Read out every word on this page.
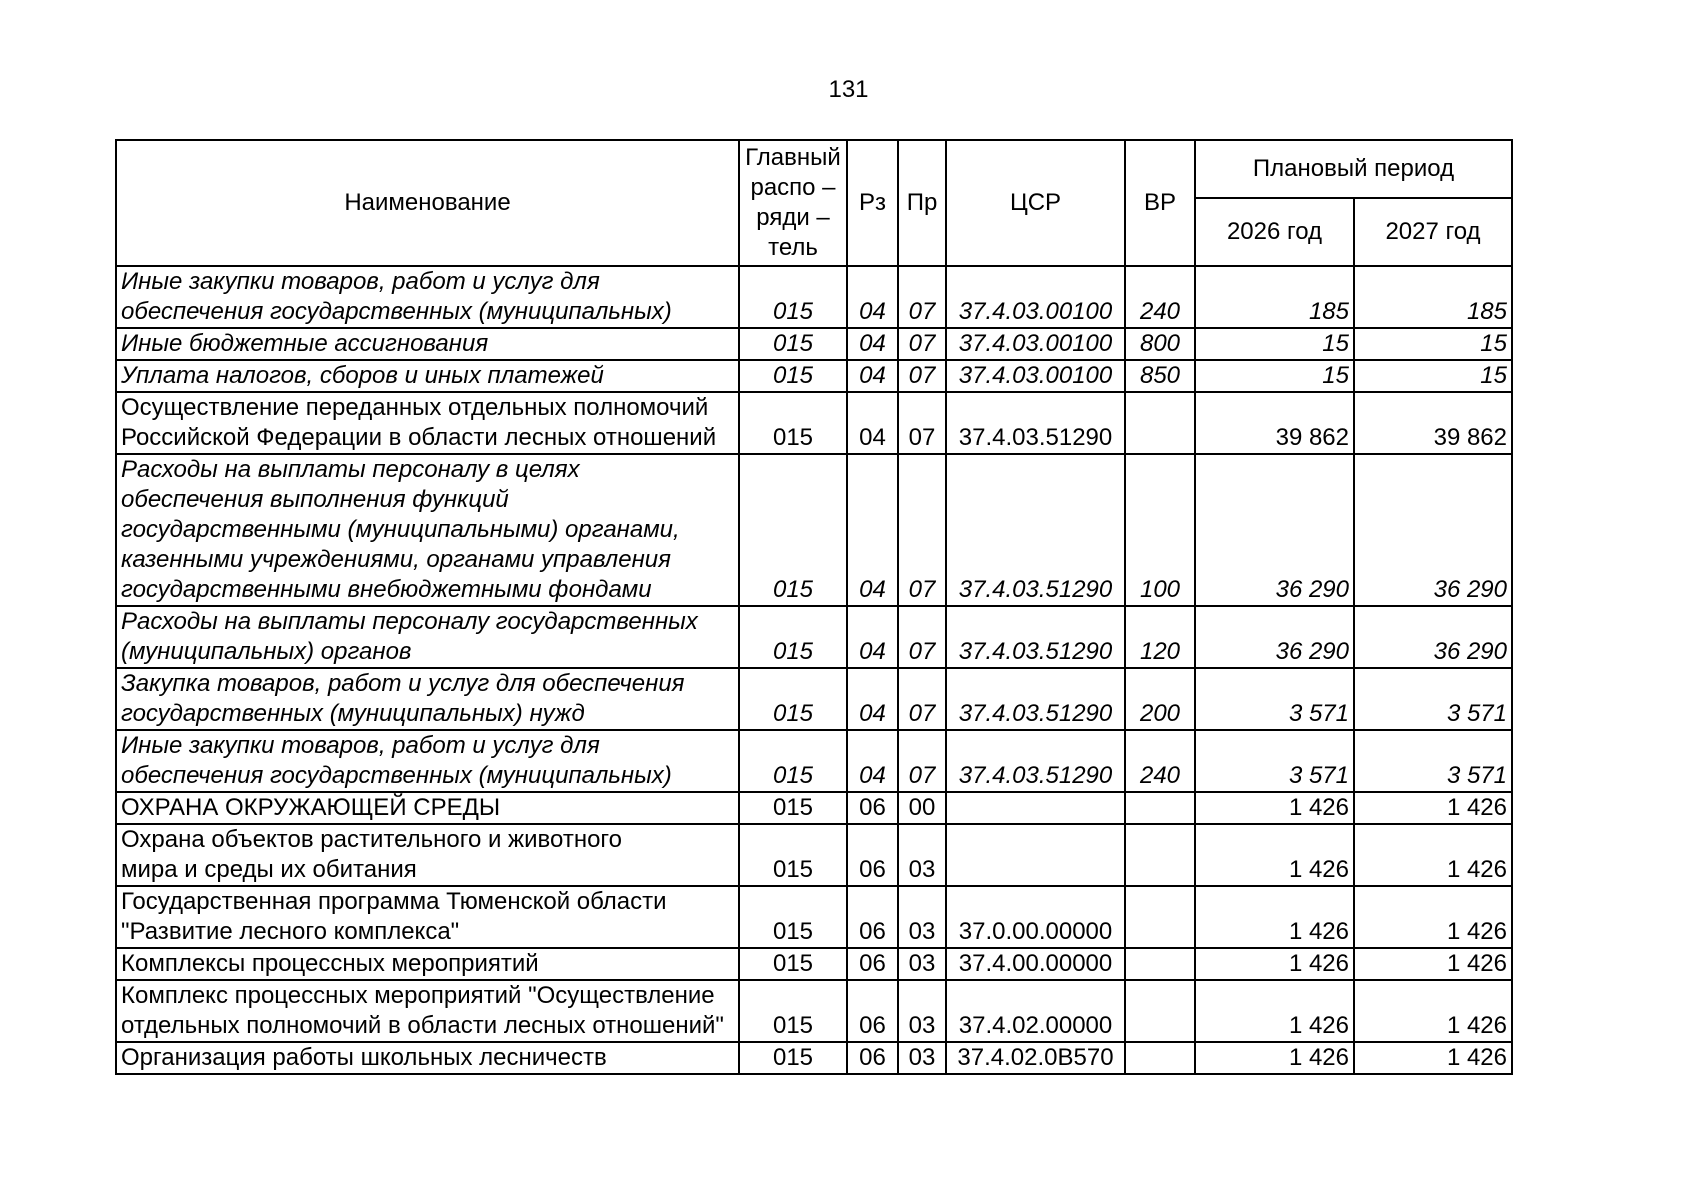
131
Наименование	Главный
распо –
ряди –
тель	Рз	Пр	ЦСР	ВР	Плановый период	
						2026 год	2027 год
Иные закупки товаров, работ и услуг для
обеспечения государственных (муниципальных)	015	04	07	37.4.03.00100	240	185	185
Иные бюджетные ассигнования	015	04	07	37.4.03.00100	800	15	15
Уплата налогов, сборов и иных платежей	015	04	07	37.4.03.00100	850	15	15
Осуществление переданных отдельных полномочий
Российской Федерации в области лесных отношений	015	04	07	37.4.03.51290		39 862	39 862
Расходы на выплаты персоналу в целях
обеспечения выполнения функций
государственными (муниципальными) органами,
казенными учреждениями, органами управления
государственными внебюджетными фондами	015	04	07	37.4.03.51290	100	36 290	36 290
Расходы на выплаты персоналу государственных
(муниципальных) органов	015	04	07	37.4.03.51290	120	36 290	36 290
Закупка товаров, работ и услуг для обеспечения
государственных (муниципальных) нужд	015	04	07	37.4.03.51290	200	3 571	3 571
Иные закупки товаров, работ и услуг для
обеспечения государственных (муниципальных)	015	04	07	37.4.03.51290	240	3 571	3 571
ОХРАНА ОКРУЖАЮЩЕЙ СРЕДЫ	015	06	00			1 426	1 426
Охрана объектов растительного и животного
мира и среды их обитания	015	06	03			1 426	1 426
Государственная программа Тюменской области
"Развитие лесного комплекса"	015	06	03	37.0.00.00000		1 426	1 426
Комплексы процессных мероприятий	015	06	03	37.4.00.00000		1 426	1 426
Комплекс процессных мероприятий "Осуществление
отдельных полномочий в области лесных отношений"	015	06	03	37.4.02.00000		1 426	1 426
Организация работы школьных лесничеств	015	06	03	37.4.02.0В570		1 426	1 426
